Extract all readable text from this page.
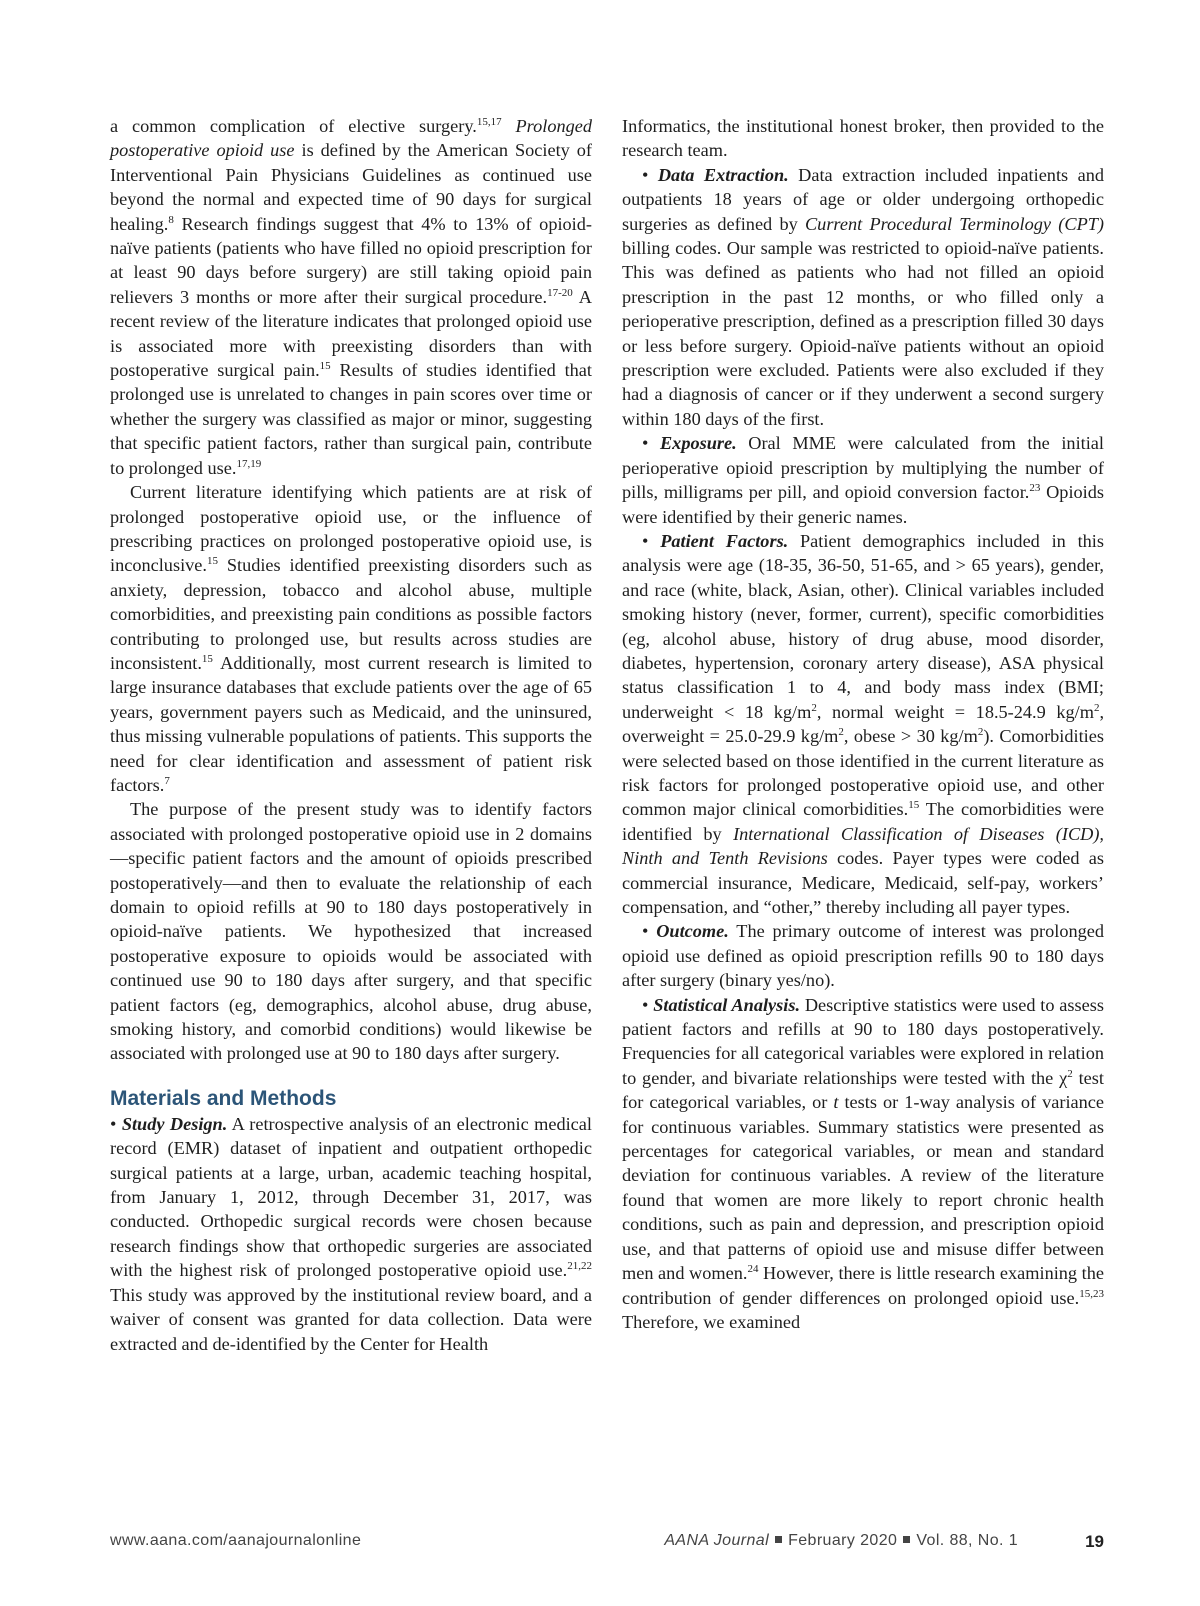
a common complication of elective surgery.$^{15,17}$ Prolonged postoperative opioid use is defined by the American Society of Interventional Pain Physicians Guidelines as continued use beyond the normal and expected time of 90 days for surgical healing.$^8$ Research findings suggest that 4% to 13% of opioid-naïve patients (patients who have filled no opioid prescription for at least 90 days before surgery) are still taking opioid pain relievers 3 months or more after their surgical procedure.$^{17-20}$ A recent review of the literature indicates that prolonged opioid use is associated more with preexisting disorders than with postoperative surgical pain.$^{15}$ Results of studies identified that prolonged use is unrelated to changes in pain scores over time or whether the surgery was classified as major or minor, suggesting that specific patient factors, rather than surgical pain, contribute to prolonged use.$^{17,19}$

Current literature identifying which patients are at risk of prolonged postoperative opioid use, or the influence of prescribing practices on prolonged postoperative opioid use, is inconclusive.$^{15}$ Studies identified preexisting disorders such as anxiety, depression, tobacco and alcohol abuse, multiple comorbidities, and preexisting pain conditions as possible factors contributing to prolonged use, but results across studies are inconsistent.$^{15}$ Additionally, most current research is limited to large insurance databases that exclude patients over the age of 65 years, government payers such as Medicaid, and the uninsured, thus missing vulnerable populations of patients. This supports the need for clear identification and assessment of patient risk factors.$^7$

The purpose of the present study was to identify factors associated with prolonged postoperative opioid use in 2 domains—specific patient factors and the amount of opioids prescribed postoperatively—and then to evaluate the relationship of each domain to opioid refills at 90 to 180 days postoperatively in opioid-naïve patients. We hypothesized that increased postoperative exposure to opioids would be associated with continued use 90 to 180 days after surgery, and that specific patient factors (eg, demographics, alcohol abuse, drug abuse, smoking history, and comorbid conditions) would likewise be associated with prolonged use at 90 to 180 days after surgery.

Materials and Methods

• Study Design. A retrospective analysis of an electronic medical record (EMR) dataset of inpatient and outpatient orthopedic surgical patients at a large, urban, academic teaching hospital, from January 1, 2012, through December 31, 2017, was conducted. Orthopedic surgical records were chosen because research findings show that orthopedic surgeries are associated with the highest risk of prolonged postoperative opioid use.$^{21,22}$ This study was approved by the institutional review board, and a waiver of consent was granted for data collection. Data were extracted and de-identified by the Center for Health

Informatics, the institutional honest broker, then provided to the research team.

• Data Extraction. Data extraction included inpatients and outpatients 18 years of age or older undergoing orthopedic surgeries as defined by Current Procedural Terminology (CPT) billing codes. Our sample was restricted to opioid-naïve patients. This was defined as patients who had not filled an opioid prescription in the past 12 months, or who filled only a perioperative prescription, defined as a prescription filled 30 days or less before surgery. Opioid-naïve patients without an opioid prescription were excluded. Patients were also excluded if they had a diagnosis of cancer or if they underwent a second surgery within 180 days of the first.

• Exposure. Oral MME were calculated from the initial perioperative opioid prescription by multiplying the number of pills, milligrams per pill, and opioid conversion factor.$^{23}$ Opioids were identified by their generic names.

• Patient Factors. Patient demographics included in this analysis were age (18-35, 36-50, 51-65, and > 65 years), gender, and race (white, black, Asian, other). Clinical variables included smoking history (never, former, current), specific comorbidities (eg, alcohol abuse, history of drug abuse, mood disorder, diabetes, hypertension, coronary artery disease), ASA physical status classification 1 to 4, and body mass index (BMI; underweight < 18 $kg/m^2$, normal weight = 18.5-24.9 $kg/m^2$, overweight = 25.0-29.9 $kg/m^2$, obese > 30 $kg/m^2$). Comorbidities were selected based on those identified in the current literature as risk factors for prolonged postoperative opioid use, and other common major clinical comorbidities.$^{15}$ The comorbidities were identified by International Classification of Diseases (ICD), Ninth and Tenth Revisions codes. Payer types were coded as commercial insurance, Medicare, Medicaid, self-pay, workers’ compensation, and “other,” thereby including all payer types.

• Outcome. The primary outcome of interest was prolonged opioid use defined as opioid prescription refills 90 to 180 days after surgery (binary yes/no).

• Statistical Analysis. Descriptive statistics were used to assess patient factors and refills at 90 to 180 days postoperatively. Frequencies for all categorical variables were explored in relation to gender, and bivariate relationships were tested with the $\chi^2$ test for categorical variables, or t tests or 1-way analysis of variance for continuous variables. Summary statistics were presented as percentages for categorical variables, or mean and standard deviation for continuous variables. A review of the literature found that women are more likely to report chronic health conditions, such as pain and depression, and prescription opioid use, and that patterns of opioid use and misuse differ between men and women.$^{24}$ However, there is little research examining the contribution of gender differences on prolonged opioid use.$^{15,23}$ Therefore, we examined

www.aana.com/aanajournalonline	AANA Journal February 2020 Vol. 88, No. 1	19
